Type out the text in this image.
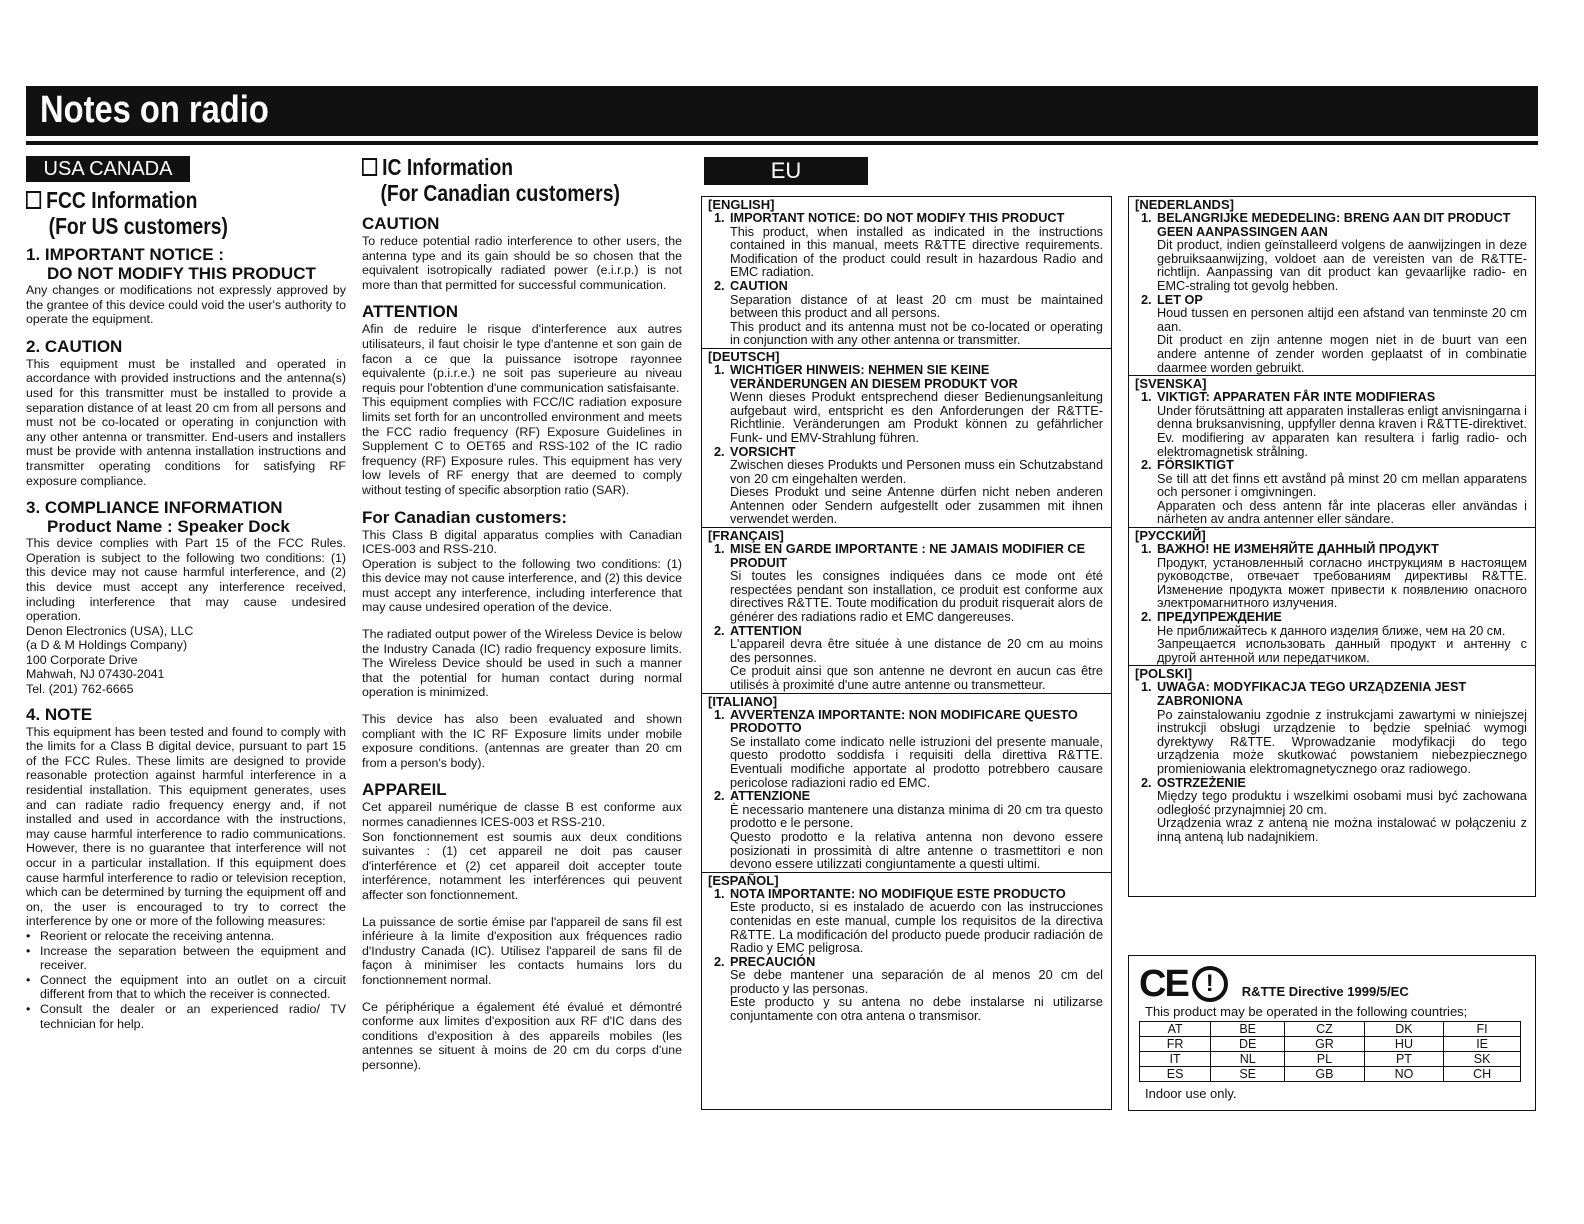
Notes on radio
USA CANADA
FCC Information
(For US customers)
1. IMPORTANT NOTICE :
DO NOT MODIFY THIS PRODUCT

Any changes or modifications not expressly approved by the grantee of this device could void the user's authority to operate the equipment.

2. CAUTION

This equipment must be installed and operated in accordance with provided instructions and the antenna(s) used for this transmitter must be installed to provide a separation distance of at least 20 cm from all persons and must not be co-located or operating in conjunction with any other antenna or transmitter. End-users and installers must be provide with antenna installation instructions and transmitter operating conditions for satisfying RF exposure compliance.

3. COMPLIANCE INFORMATION
Product Name : Speaker Dock

This device complies with Part 15 of the FCC Rules. Operation is subject to the following two conditions: (1) this device may not cause harmful interference, and (2) this device must accept any interference received, including interference that may cause undesired operation.

Denon Electronics (USA), LLC

(a D & M Holdings Company)

100 Corporate Drive

Mahwah, NJ 07430-2041

Tel. (201) 762-6665

4. NOTE

This equipment has been tested and found to comply with the limits for a Class B digital device, pursuant to part 15 of the FCC Rules. These limits are designed to provide reasonable protection against harmful interference in a residential installation. This equipment generates, uses and can radiate radio frequency energy and, if not installed and used in accordance with the instructions, may cause harmful interference to radio communications. However, there is no guarantee that interference will not occur in a particular installation. If this equipment does cause harmful interference to radio or television reception, which can be determined by turning the equipment off and on, the user is encouraged to try to correct the interference by one or more of the following measures:

• Reorient or relocate the receiving antenna.
• Increase the separation between the equipment and receiver.
• Connect the equipment into an outlet on a circuit different from that to which the receiver is connected.
• Consult the dealer or an experienced radio/ TV technician for help.
IC Information
(For Canadian customers)
CAUTION

To reduce potential radio interference to other users, the antenna type and its gain should be so chosen that the equivalent isotropically radiated power (e.i.r.p.) is not more than that permitted for successful communication.

ATTENTION

Afin de reduire le risque d'interference aux autres utilisateurs, il faut choisir le type d'antenne et son gain de facon a ce que la puissance isotrope rayonnee equivalente (p.i.r.e.) ne soit pas superieure au niveau requis pour l'obtention d'une communication satisfaisante.

This equipment complies with FCC/IC radiation exposure limits set forth for an uncontrolled environment and meets the FCC radio frequency (RF) Exposure Guidelines in Supplement C to OET65 and RSS-102 of the IC radio frequency (RF) Exposure rules. This equipment has very low levels of RF energy that are deemed to comply without testing of specific absorption ratio (SAR).

For Canadian customers:

This Class B digital apparatus complies with Canadian ICES-003 and RSS-210.

Operation is subject to the following two conditions: (1) this device may not cause interference, and (2) this device must accept any interference, including interference that may cause undesired operation of the device.

The radiated output power of the Wireless Device is below the Industry Canada (IC) radio frequency exposure limits. The Wireless Device should be used in such a manner that the potential for human contact during normal operation is minimized.

This device has also been evaluated and shown compliant with the IC RF Exposure limits under mobile exposure conditions. (antennas are greater than 20 cm from a person's body).

APPAREIL

Cet appareil numérique de classe B est conforme aux normes canadiennes ICES-003 et RSS-210.

Son fonctionnement est soumis aux deux conditions suivantes : (1) cet appareil ne doit pas causer d'interférence et (2) cet appareil doit accepter toute interférence, notamment les interférences qui peuvent affecter son fonctionnement.

La puissance de sortie émise par l'appareil de sans fil est inférieure à la limite d'exposition aux fréquences radio d'Industry Canada (IC). Utilisez l'appareil de sans fil de façon à minimiser les contacts humains lors du fonctionnement normal.

Ce périphérique a également été évalué et démontré conforme aux limites d'exposition aux RF d'IC dans des conditions d'exposition à des appareils mobiles (les antennes se situent à moins de 20 cm du corps d'une personne).

EU
[ENGLISH]
1. IMPORTANT NOTICE: DO NOT MODIFY THIS PRODUCT
This product, when installed as indicated in the instructions contained in this manual, meets R&TTE directive requirements. Modification of the product could result in hazardous Radio and EMC radiation.
2. CAUTION
Separation distance of at least 20 cm must be maintained between this product and all persons.
This product and its antenna must not be co-located or operating in conjunction with any other antenna or transmitter.
[DEUTSCH]
1. WICHTIGER HINWEIS: NEHMEN SIE KEINE VERÄNDERUNGEN AN DIESEM PRODUKT VOR
Wenn dieses Produkt entsprechend dieser Bedienungsanleitung aufgebaut wird, entspricht es den Anforderungen der R&TTE-Richtlinie. Veränderungen am Produkt können zu gefährlicher Funk- und EMV-Strahlung führen.
2. VORSICHT
Zwischen dieses Produkts und Personen muss ein Schutzabstand von 20 cm eingehalten werden.
Dieses Produkt und seine Antenne dürfen nicht neben anderen Antennen oder Sendern aufgestellt oder zusammen mit ihnen verwendet werden.
[FRANÇAIS]
1. MISE EN GARDE IMPORTANTE : NE JAMAIS MODIFIER CE PRODUIT
Si toutes les consignes indiquées dans ce mode ont été respectées pendant son installation, ce produit est conforme aux directives R&TTE. Toute modification du produit risquerait alors de générer des radiations radio et EMC dangereuses.
2. ATTENTION
L'appareil devra être située à une distance de 20 cm au moins des personnes.
Ce produit ainsi que son antenne ne devront en aucun cas être utilisés à proximité d'une autre antenne ou transmetteur.
[ITALIANO]
1. AVVERTENZA IMPORTANTE: NON MODIFICARE QUESTO PRODOTTO
Se installato come indicato nelle istruzioni del presente manuale, questo prodotto soddisfa i requisiti della direttiva R&TTE. Eventuali modifiche apportate al prodotto potrebbero causare pericolose radiazioni radio ed EMC.
2. ATTENZIONE
È necessario mantenere una distanza minima di 20 cm tra questo prodotto e le persone.
Questo prodotto e la relativa antenna non devono essere posizionati in prossimità di altre antenne o trasmettitori e non devono essere utilizzati congiuntamente a questi ultimi.
[ESPAÑOL]
1. NOTA IMPORTANTE: NO MODIFIQUE ESTE PRODUCTO
Este producto, si es instalado de acuerdo con las instrucciones contenidas en este manual, cumple los requisitos de la directiva R&TTE. La modificación del producto puede producir radiación de Radio y EMC peligrosa.
2. PRECAUCIÓN
Se debe mantener una separación de al menos 20 cm del producto y las personas.
Este producto y su antena no debe instalarse ni utilizarse conjuntamente con otra antena o transmisor.
[NEDERLANDS]
1. BELANGRIJKE MEDEDELING: BRENG AAN DIT PRODUCT GEEN AANPASSINGEN AAN
Dit product, indien geïnstalleerd volgens de aanwijzingen in deze gebruiksaanwijzing, voldoet aan de vereisten van de R&TTE-richtlijn. Aanpassing van dit product kan gevaarlijke radio- en EMC-straling tot gevolg hebben.
2. LET OP
Houd tussen en personen altijd een afstand van tenminste 20 cm aan.
Dit product en zijn antenne mogen niet in de buurt van een andere antenne of zender worden geplaatst of in combinatie daarmee worden gebruikt.
[SVENSKA]
1. VIKTIGT: APPARATEN FÅR INTE MODIFIERAS
Under förutsättning att apparaten installeras enligt anvisningarna i denna bruksanvisning, uppfyller denna kraven i R&TTE-direktivet. Ev. modifiering av apparaten kan resultera i farlig radio- och elektromagnetisk strålning.
2. FÖRSIKTIGT
Se till att det finns ett avstånd på minst 20 cm mellan apparatens och personer i omgivningen.
Apparaten och dess antenn får inte placeras eller användas i närheten av andra antenner eller sändare.
[РУССКИЙ]
1. ВАЖНО! НЕ ИЗМЕНЯЙТЕ ДАННЫЙ ПРОДУКТ
Продукт, установленный согласно инструкциям в настоящем руководстве, отвечает требованиям директивы R&TTE. Изменение продукта может привести к появлению опасного электромагнитного излучения.
2. ПРЕДУПРЕЖДЕНИЕ
Не приближайтесь к данного изделия ближе, чем на 20 см.
Запрещается использовать данный продукт и антенну с другой антенной или передатчиком.
[POLSKI]
1. UWAGA: MODYFIKACJA TEGO URZĄDZENIA JEST ZABRONIONA
Po zainstalowaniu zgodnie z instrukcjami zawartymi w niniejszej instrukcji obsługi urządzenie to będzie spełniać wymogi dyrektywy R&TTE. Wprowadzanie modyfikacji do tego urządzenia może skutkować powstaniem niebezpiecznego promieniowania elektromagnetycznego oraz radiowego.
2. OSTRZEŻENIE
Między tego produktu i wszelkimi osobami musi być zachowana odległość przynajmniej 20 cm.
Urządzenia wraz z anteną nie można instalować w połączeniu z inną anteną lub nadajnikiem.
CE !	R&TTE Directive 1999/5/EC
This product may be operated in the following countries;
AT	BE	CZ	DK	FI
FR	DE	GR	HU	IE
IT	NL	PL	PT	SK
ES	SE	GB	NO	CH
Indoor use only.
